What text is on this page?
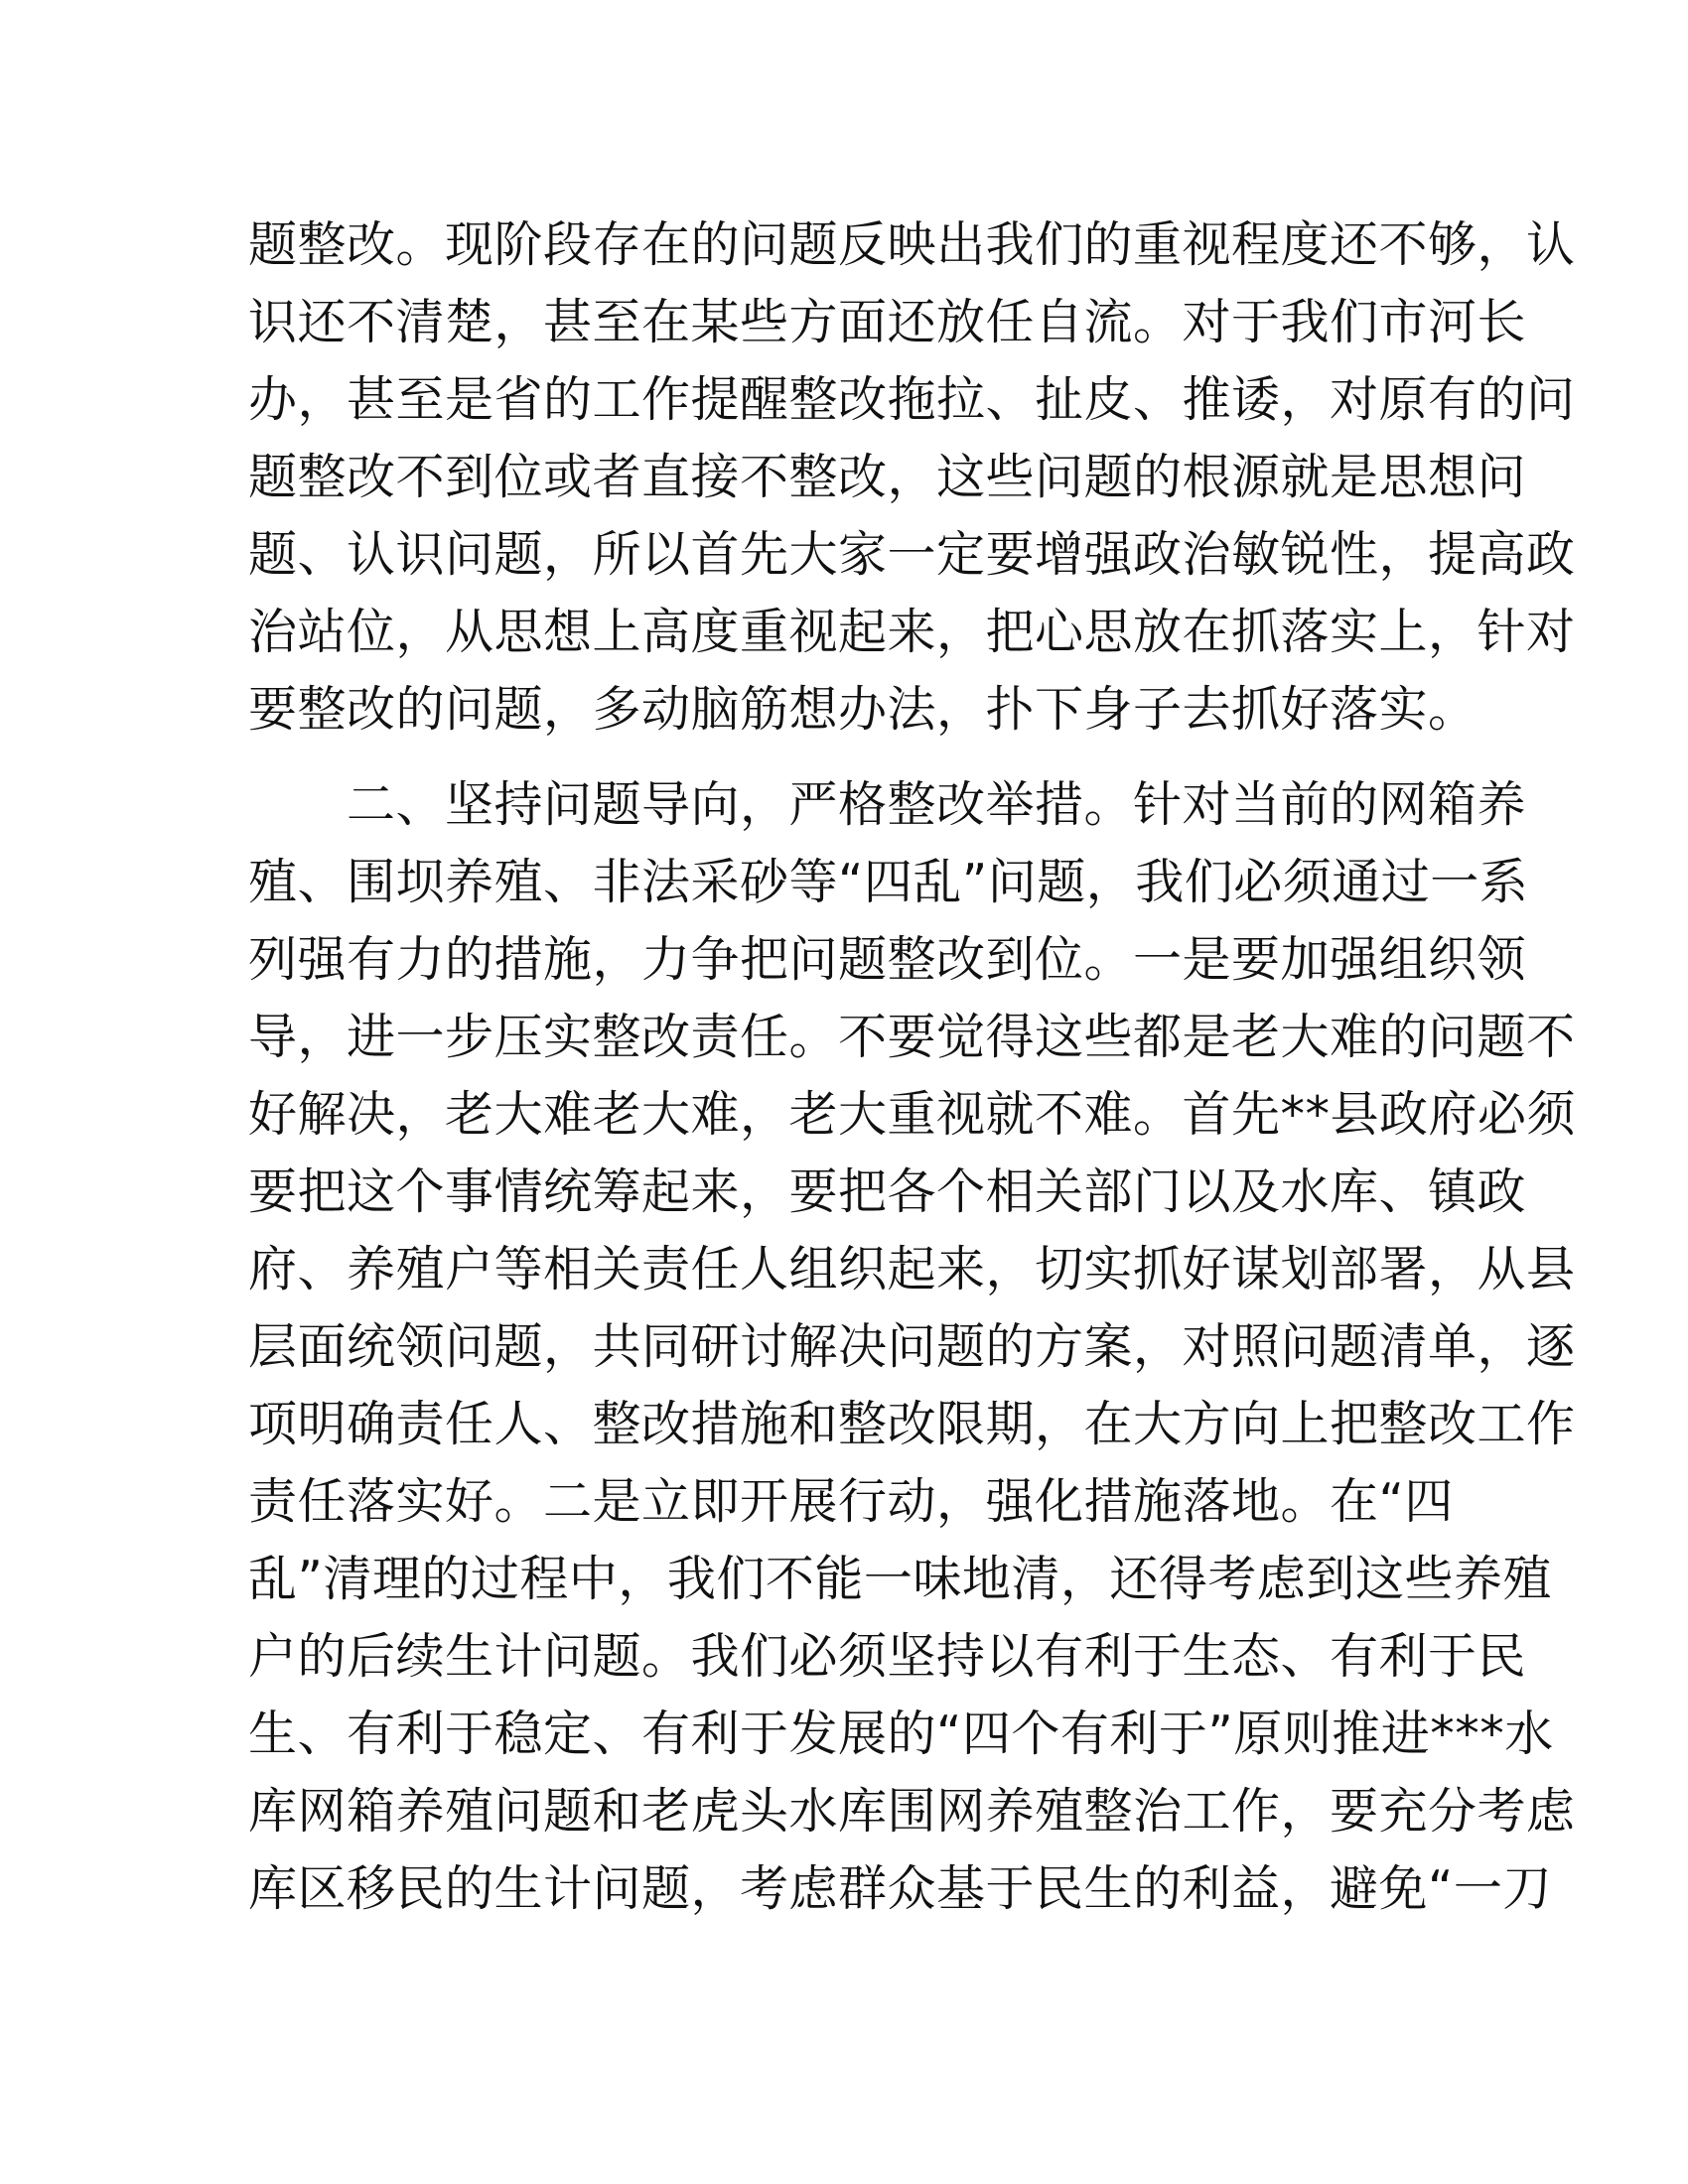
题整改。现阶段存在的问题反映出我们的重视程度还不够，认
识还不清楚，甚至在某些方面还放任自流。对于我们市河长
办，甚至是省的工作提醒整改拖拉、扯皮、推诿，对原有的问
题整改不到位或者直接不整改，这些问题的根源就是思想问
题、认识问题，所以首先大家一定要增强政治敏锐性，提高政
治站位，从思想上高度重视起来，把心思放在抓落实上，针对
要整改的问题，多动脑筋想办法，扑下身子去抓好落实。
　　二、坚持问题导向，严格整改举措。针对当前的网箱养
殖、围坝养殖、非法采砂等“四乱”问题，我们必须通过一系
列强有力的措施，力争把问题整改到位。一是要加强组织领
导，进一步压实整改责任。不要觉得这些都是老大难的问题不
好解决，老大难老大难，老大重视就不难。首先**县政府必须
要把这个事情统筹起来，要把各个相关部门以及水库、镇政
府、养殖户等相关责任人组织起来，切实抓好谋划部署，从县
层面统领问题，共同研讨解决问题的方案，对照问题清单，逐
项明确责任人、整改措施和整改限期，在大方向上把整改工作
责任落实好。二是立即开展行动，强化措施落地。在“四
乱”清理的过程中，我们不能一味地清，还得考虑到这些养殖
户的后续生计问题。我们必须坚持以有利于生态、有利于民
生、有利于稳定、有利于发展的“四个有利于”原则推进***水
库网箱养殖问题和老虎头水库围网养殖整治工作，要充分考虑
库区移民的生计问题，考虑群众基于民生的利益，避免“一刀
